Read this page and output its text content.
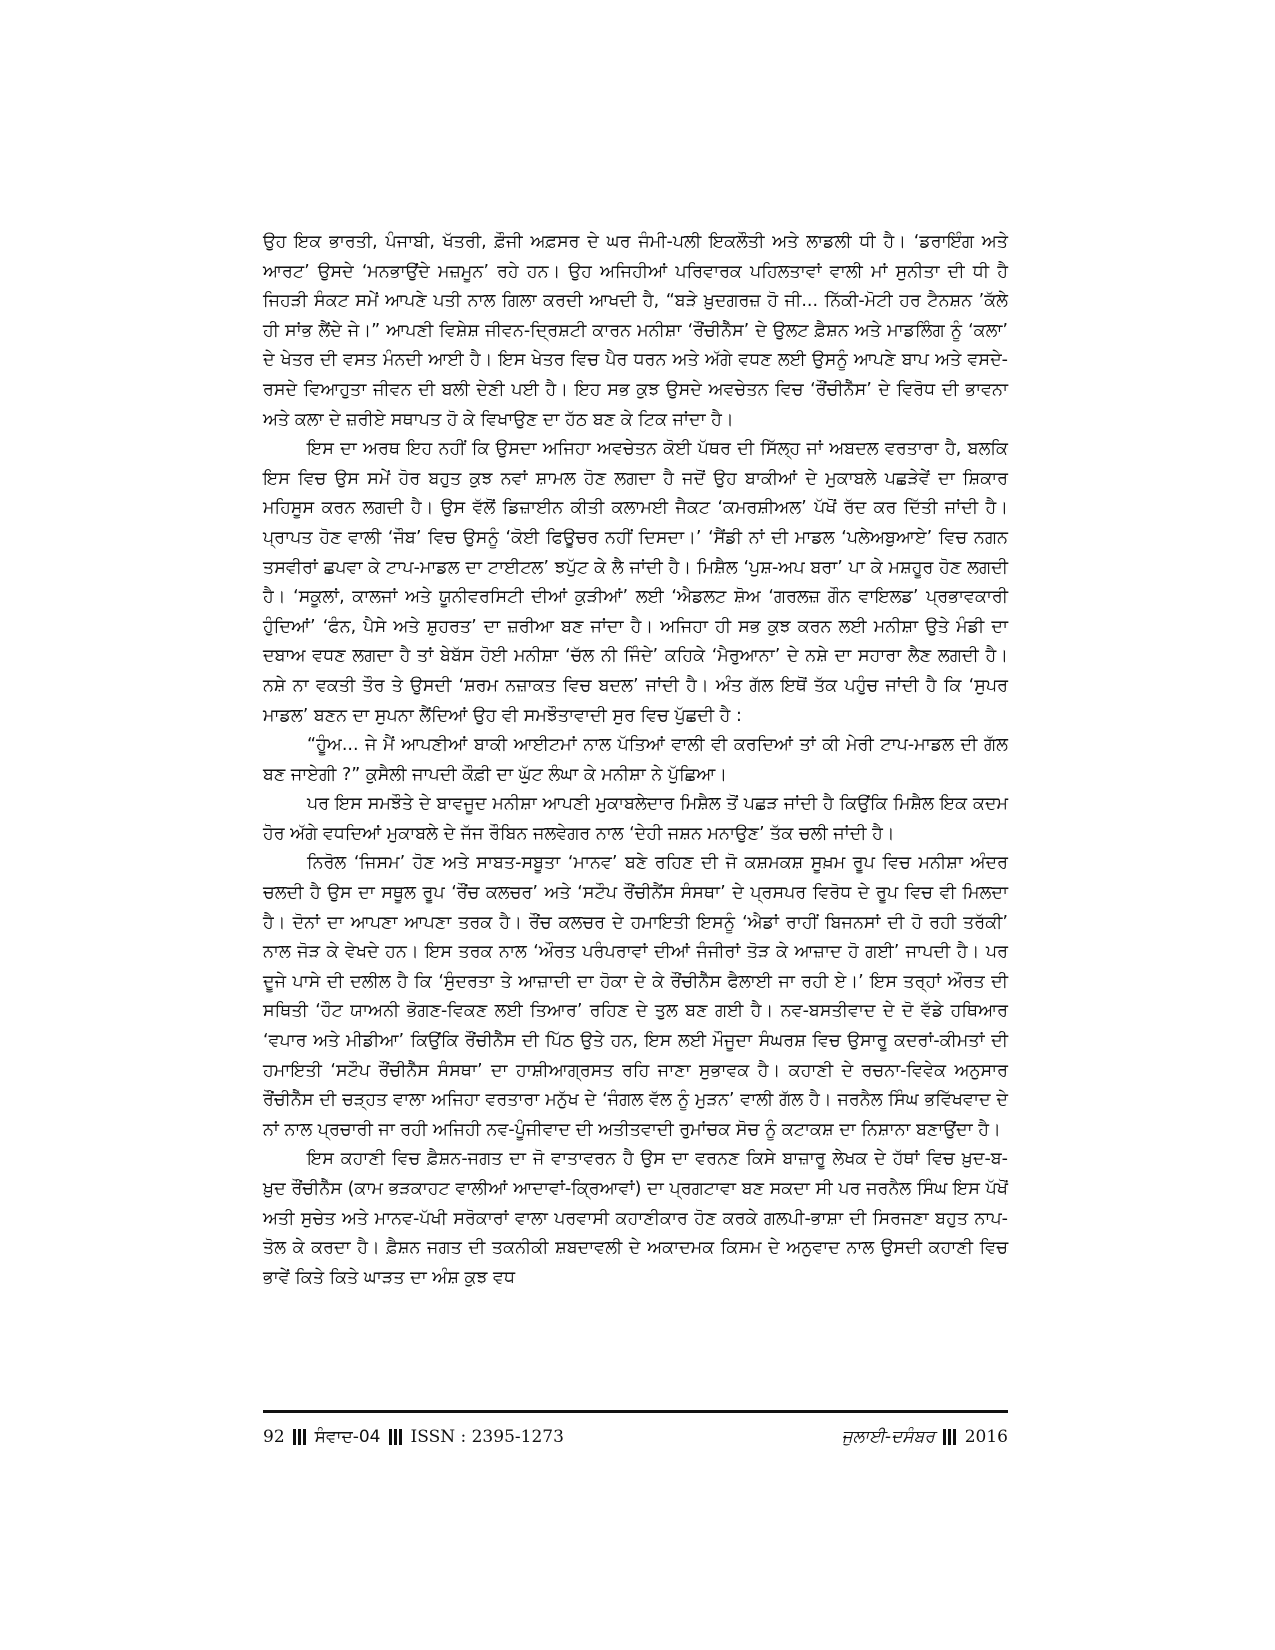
ਉਹ ਇਕ ਭਾਰਤੀ, ਪੰਜਾਬੀ, ਖੱਤਰੀ, ਫ਼ੌਜੀ ਅਫ਼ਸਰ ਦੇ ਘਰ ਜੰਮੀ-ਪਲੀ ਇਕਲੌਤੀ ਅਤੇ ਲਾਡਲੀ ਧੀ ਹੈ। ‘ਡਰਾਇੰਗ ਅਤੇ ਆਰਟ’ ਉਸਦੇ ‘ਮਨਭਾਉਂਦੇ ਮਜ਼ਮੂਨ’ ਰਹੇ ਹਨ। ਉਹ ਅਜਿਹੀਆਂ ਪਰਿਵਾਰਕ ਪਹਿਲਤਾਵਾਂ ਵਾਲੀ ਮਾਂ ਸੁਨੀਤਾ ਦੀ ਧੀ ਹੈ ਜਿਹੜੀ ਸੰਕਟ ਸਮੇਂ ਆਪਣੇ ਪਤੀ ਨਾਲ ਗਿਲਾ ਕਰਦੀ ਆਖਦੀ ਹੈ, “ਬੜੇ ਖ਼ੁਦਗਰਜ਼ ਹੋ ਜੀ... ਨਿੱਕੀ-ਮੋਟੀ ਹਰ ਟੈਨਸ਼ਨ ’ਕੱਲੇ ਹੀ ਸਾਂਭ ਲੈਂਦੇ ਜੇ।” ਆਪਣੀ ਵਿਸ਼ੇਸ਼ ਜੀਵਨ-ਦ੍ਰਿਸ਼ਟੀ ਕਾਰਨ ਮਨੀਸ਼ਾ ‘ਰੌਂਚੀਨੈੱਸ’ ਦੇ ਉਲਟ ਫ਼ੈਸ਼ਨ ਅਤੇ ਮਾਡਲਿੰਗ ਨੂੰ ‘ਕਲਾ’ ਦੇ ਖੇਤਰ ਦੀ ਵਸਤ ਮੰਨਦੀ ਆਈ ਹੈ। ਇਸ ਖੇਤਰ ਵਿਚ ਪੈਰ ਧਰਨ ਅਤੇ ਅੱਗੇ ਵਧਣ ਲਈ ਉਸਨੂੰ ਆਪਣੇ ਬਾਪ ਅਤੇ ਵਸਦੇ-ਰਸਦੇ ਵਿਆਹੁਤਾ ਜੀਵਨ ਦੀ ਬਲੀ ਦੇਣੀ ਪਈ ਹੈ। ਇਹ ਸਭ ਕੁਝ ਉਸਦੇ ਅਵਚੇਤਨ ਵਿਚ ‘ਰੌਂਚੀਨੈੱਸ’ ਦੇ ਵਿਰੋਧ ਦੀ ਭਾਵਨਾ ਅਤੇ ਕਲਾ ਦੇ ਜ਼ਰੀਏ ਸਥਾਪਤ ਹੋ ਕੇ ਵਿਖਾਉਣ ਦਾ ਹੱਠ ਬਣ ਕੇ ਟਿਕ ਜਾਂਦਾ ਹੈ।

ਇਸ ਦਾ ਅਰਥ ਇਹ ਨਹੀਂ ਕਿ ਉਸਦਾ ਅਜਿਹਾ ਅਵਚੇਤਨ ਕੋਈ ਪੱਥਰ ਦੀ ਸਿੱਲ੍ਹ ਜਾਂ ਅਬਦਲ ਵਰਤਾਰਾ ਹੈ, ਬਲਕਿ ਇਸ ਵਿਚ ਉਸ ਸਮੇਂ ਹੋਰ ਬਹੁਤ ਕੁਝ ਨਵਾਂ ਸ਼ਾਮਲ ਹੋਣ ਲਗਦਾ ਹੈ ਜਦੋਂ ਉਹ ਬਾਕੀਆਂ ਦੇ ਮੁਕਾਬਲੇ ਪਛੜੇਵੇਂ ਦਾ ਸ਼ਿਕਾਰ ਮਹਿਸੂਸ ਕਰਨ ਲਗਦੀ ਹੈ। ਉਸ ਵੱਲੋਂ ਡਿਜ਼ਾਈਨ ਕੀਤੀ ਕਲਾਮਈ ਜੈਕਟ ‘ਕਮਰਸ਼ੀਅਲ’ ਪੱਖੋਂ ਰੱਦ ਕਰ ਦਿੱਤੀ ਜਾਂਦੀ ਹੈ। ਪ੍ਰਾਪਤ ਹੋਣ ਵਾਲੀ ‘ਜੌਬ’ ਵਿਚ ਉਸਨੂੰ ‘ਕੋਈ ਫਿਊਚਰ ਨਹੀਂ ਦਿਸਦਾ।’ ‘ਸੈਂਡੀ ਨਾਂ ਦੀ ਮਾਡਲ ‘ਪਲੇਅਬੁਆਏ’ ਵਿਚ ਨਗਨ ਤਸਵੀਰਾਂ ਛਪਵਾ ਕੇ ਟਾਪ-ਮਾਡਲ ਦਾ ਟਾਈਟਲ’ ਝਪੁੱਟ ਕੇ ਲੈ ਜਾਂਦੀ ਹੈ। ਮਿਸ਼ੈਲ ‘ਪੁਸ਼-ਅਪ ਬਰਾ’ ਪਾ ਕੇ ਮਸ਼ਹੂਰ ਹੋਣ ਲਗਦੀ ਹੈ। ‘ਸਕੂਲਾਂ, ਕਾਲਜਾਂ ਅਤੇ ਯੂਨੀਵਰਸਿਟੀ ਦੀਆਂ ਕੁੜੀਆਂ’ ਲਈ ‘ਐਡਲਟ ਸ਼ੋਅ ‘ਗਰਲਜ਼ ਗੌਨ ਵਾਇਲਡ’ ਪ੍ਰਭਾਵਕਾਰੀ ਹੁੰਦਿਆਂ’ ‘ਫੰਨ, ਪੈਸੇ ਅਤੇ ਸ਼ੁਹਰਤ’ ਦਾ ਜ਼ਰੀਆ ਬਣ ਜਾਂਦਾ ਹੈ। ਅਜਿਹਾ ਹੀ ਸਭ ਕੁਝ ਕਰਨ ਲਈ ਮਨੀਸ਼ਾ ਉਤੇ ਮੰਡੀ ਦਾ ਦਬਾਅ ਵਧਣ ਲਗਦਾ ਹੈ ਤਾਂ ਬੇਬੱਸ ਹੋਈ ਮਨੀਸ਼ਾ ‘ਚੱਲ ਨੀ ਜਿੰਦੇ’ ਕਹਿਕੇ ‘ਮੈਰੁਆਨਾ’ ਦੇ ਨਸ਼ੇ ਦਾ ਸਹਾਰਾ ਲੈਣ ਲਗਦੀ ਹੈ। ਨਸ਼ੇ ਨਾ ਵਕਤੀ ਤੌਰ ਤੇ ਉਸਦੀ ‘ਸ਼ਰਮ ਨਜ਼ਾਕਤ ਵਿਚ ਬਦਲ’ ਜਾਂਦੀ ਹੈ। ਅੰਤ ਗੱਲ ਇਥੋਂ ਤੱਕ ਪਹੁੰਚ ਜਾਂਦੀ ਹੈ ਕਿ ‘ਸੁਪਰ ਮਾਡਲ’ ਬਣਨ ਦਾ ਸੁਪਨਾ ਲੈਂਦਿਆਂ ਉਹ ਵੀ ਸਮਝੌਤਾਵਾਦੀ ਸੁਰ ਵਿਚ ਪੁੱਛਦੀ ਹੈ :

“ਹੂੰਅ... ਜੇ ਮੈਂ ਆਪਣੀਆਂ ਬਾਕੀ ਆਈਟਮਾਂ ਨਾਲ ਪੱਤਿਆਂ ਵਾਲੀ ਵੀ ਕਰਦਿਆਂ ਤਾਂ ਕੀ ਮੇਰੀ ਟਾਪ-ਮਾਡਲ ਦੀ ਗੱਲ ਬਣ ਜਾਏਗੀ ?” ਕੁਸੈਲੀ ਜਾਪਦੀ ਕੌਫ਼ੀ ਦਾ ਘੁੱਟ ਲੰਘਾ ਕੇ ਮਨੀਸ਼ਾ ਨੇ ਪੁੱਛਿਆ।

ਪਰ ਇਸ ਸਮਝੌਤੇ ਦੇ ਬਾਵਜੂਦ ਮਨੀਸ਼ਾ ਆਪਣੀ ਮੁਕਾਬਲੇਦਾਰ ਮਿਸ਼ੈਲ ਤੋਂ ਪਛੜ ਜਾਂਦੀ ਹੈ ਕਿਉਂਕਿ ਮਿਸ਼ੈਲ ਇਕ ਕਦਮ ਹੋਰ ਅੱਗੇ ਵਧਦਿਆਂ ਮੁਕਾਬਲੇ ਦੇ ਜੱਜ ਰੌਬਿਨ ਜਲਵੇਗਰ ਨਾਲ ‘ਦੇਹੀ ਜਸ਼ਨ ਮਨਾਉਣ’ ਤੱਕ ਚਲੀ ਜਾਂਦੀ ਹੈ।

ਨਿਰੋਲ ‘ਜਿਸਮ’ ਹੋਣ ਅਤੇ ਸਾਬਤ-ਸਬੂਤਾ ‘ਮਾਨਵ’ ਬਣੇ ਰਹਿਣ ਦੀ ਜੋ ਕਸ਼ਮਕਸ਼ ਸੂਖ਼ਮ ਰੂਪ ਵਿਚ ਮਨੀਸ਼ਾ ਅੰਦਰ ਚਲਦੀ ਹੈ ਉਸ ਦਾ ਸਥੂਲ ਰੂਪ ‘ਰੌਂਚ ਕਲਚਰ’ ਅਤੇ ‘ਸਟੌਪ ਰੌਂਚੀਨੈਂਸ ਸੰਸਥਾ’ ਦੇ ਪ੍ਰਸਪਰ ਵਿਰੋਧ ਦੇ ਰੂਪ ਵਿਚ ਵੀ ਮਿਲਦਾ ਹੈ। ਦੋਨਾਂ ਦਾ ਆਪਣਾ ਆਪਣਾ ਤਰਕ ਹੈ। ਰੌਂਚ ਕਲਚਰ ਦੇ ਹਮਾਇਤੀ ਇਸਨੂੰ ‘ਐਡਾਂ ਰਾਹੀਂ ਬਿਜਨਸਾਂ ਦੀ ਹੋ ਰਹੀ ਤਰੱਕੀ’ ਨਾਲ ਜੋੜ ਕੇ ਵੇਖਦੇ ਹਨ। ਇਸ ਤਰਕ ਨਾਲ ‘ਔਰਤ ਪਰੰਪਰਾਵਾਂ ਦੀਆਂ ਜੰਜੀਰਾਂ ਤੋੜ ਕੇ ਆਜ਼ਾਦ ਹੋ ਗਈ’ ਜਾਪਦੀ ਹੈ। ਪਰ ਦੂਜੇ ਪਾਸੇ ਦੀ ਦਲੀਲ ਹੈ ਕਿ ‘ਸੁੰਦਰਤਾ ਤੇ ਆਜ਼ਾਦੀ ਦਾ ਹੋਕਾ ਦੇ ਕੇ ਰੌਂਚੀਨੈੱਸ ਫੈਲਾਈ ਜਾ ਰਹੀ ਏ।’ ਇਸ ਤਰ੍ਹਾਂ ਔਰਤ ਦੀ ਸਥਿਤੀ ‘ਹੌਟ ਯਾਅਨੀ ਭੋਗਣ-ਵਿਕਣ ਲਈ ਤਿਆਰ’ ਰਹਿਣ ਦੇ ਤੁਲ ਬਣ ਗਈ ਹੈ। ਨਵ-ਬਸਤੀਵਾਦ ਦੇ ਦੋ ਵੱਡੇ ਹਥਿਆਰ ‘ਵਪਾਰ ਅਤੇ ਮੀਡੀਆ’ ਕਿਉਂਕਿ ਰੌਂਚੀਨੈੱਸ ਦੀ ਪਿੱਠ ਉਤੇ ਹਨ, ਇਸ ਲਈ ਮੌਜੂਦਾ ਸੰਘਰਸ਼ ਵਿਚ ਉਸਾਰੂ ਕਦਰਾਂ-ਕੀਮਤਾਂ ਦੀ ਹਮਾਇਤੀ ‘ਸਟੌਪ ਰੌਂਚੀਨੈੱਸ ਸੰਸਥਾ’ ਦਾ ਹਾਸ਼ੀਆਗ੍ਰਸਤ ਰਹਿ ਜਾਣਾ ਸੁਭਾਵਕ ਹੈ। ਕਹਾਣੀ ਦੇ ਰਚਨਾ-ਵਿਵੇਕ ਅਨੁਸਾਰ ਰੌਂਚੀਨੈੱਸ ਦੀ ਚੜ੍ਹਤ ਵਾਲਾ ਅਜਿਹਾ ਵਰਤਾਰਾ ਮਨੁੱਖ ਦੇ ‘ਜੰਗਲ ਵੱਲ ਨੂੰ ਮੁੜਨ’ ਵਾਲੀ ਗੱਲ ਹੈ। ਜਰਨੈਲ ਸਿੰਘ ਭਵਿੱਖਵਾਦ ਦੇ ਨਾਂ ਨਾਲ ਪ੍ਰਚਾਰੀ ਜਾ ਰਹੀ ਅਜਿਹੀ ਨਵ-ਪੂੰਜੀਵਾਦ ਦੀ ਅਤੀਤਵਾਦੀ ਰੁਮਾਂਚਕ ਸੋਚ ਨੂੰ ਕਟਾਕਸ਼ ਦਾ ਨਿਸ਼ਾਨਾ ਬਣਾਉਂਦਾ ਹੈ।

ਇਸ ਕਹਾਣੀ ਵਿਚ ਫ਼ੈਸ਼ਨ-ਜਗਤ ਦਾ ਜੋ ਵਾਤਾਵਰਨ ਹੈ ਉਸ ਦਾ ਵਰਨਣ ਕਿਸੇ ਬਾਜ਼ਾਰੂ ਲੇਖਕ ਦੇ ਹੱਥਾਂ ਵਿਚ ਖ਼ੁਦ-ਬ-ਖ਼ੁਦ ਰੌਂਚੀਨੈੱਸ (ਕਾਮ ਭੜਕਾਹਟ ਵਾਲੀਆਂ ਆਦਾਵਾਂ-ਕ੍ਰਿਆਵਾਂ) ਦਾ ਪ੍ਰਗਟਾਵਾ ਬਣ ਸਕਦਾ ਸੀ ਪਰ ਜਰਨੈਲ ਸਿੰਘ ਇਸ ਪੱਖੋਂ ਅਤੀ ਸੁਚੇਤ ਅਤੇ ਮਾਨਵ-ਪੱਖੀ ਸਰੋਕਾਰਾਂ ਵਾਲਾ ਪਰਵਾਸੀ ਕਹਾਣੀਕਾਰ ਹੋਣ ਕਰਕੇ ਗਲਪੀ-ਭਾਸ਼ਾ ਦੀ ਸਿਰਜਣਾ ਬਹੁਤ ਨਾਪ-ਤੋਲ ਕੇ ਕਰਦਾ ਹੈ। ਫ਼ੈਸ਼ਨ ਜਗਤ ਦੀ ਤਕਨੀਕੀ ਸ਼ਬਦਾਵਲੀ ਦੇ ਅਕਾਦਮਕ ਕਿਸਮ ਦੇ ਅਨੁਵਾਦ ਨਾਲ ਉਸਦੀ ਕਹਾਣੀ ਵਿਚ ਭਾਵੇਂ ਕਿਤੇ ਕਿਤੇ ਘਾੜਤ ਦਾ ਅੰਸ਼ ਕੁਝ ਵਧ

92 ਸੰਵਾਦ-04 ISSN : 2395-1273	ਜੁਲਾਈ-ਦਸੰਬਰ 2016
